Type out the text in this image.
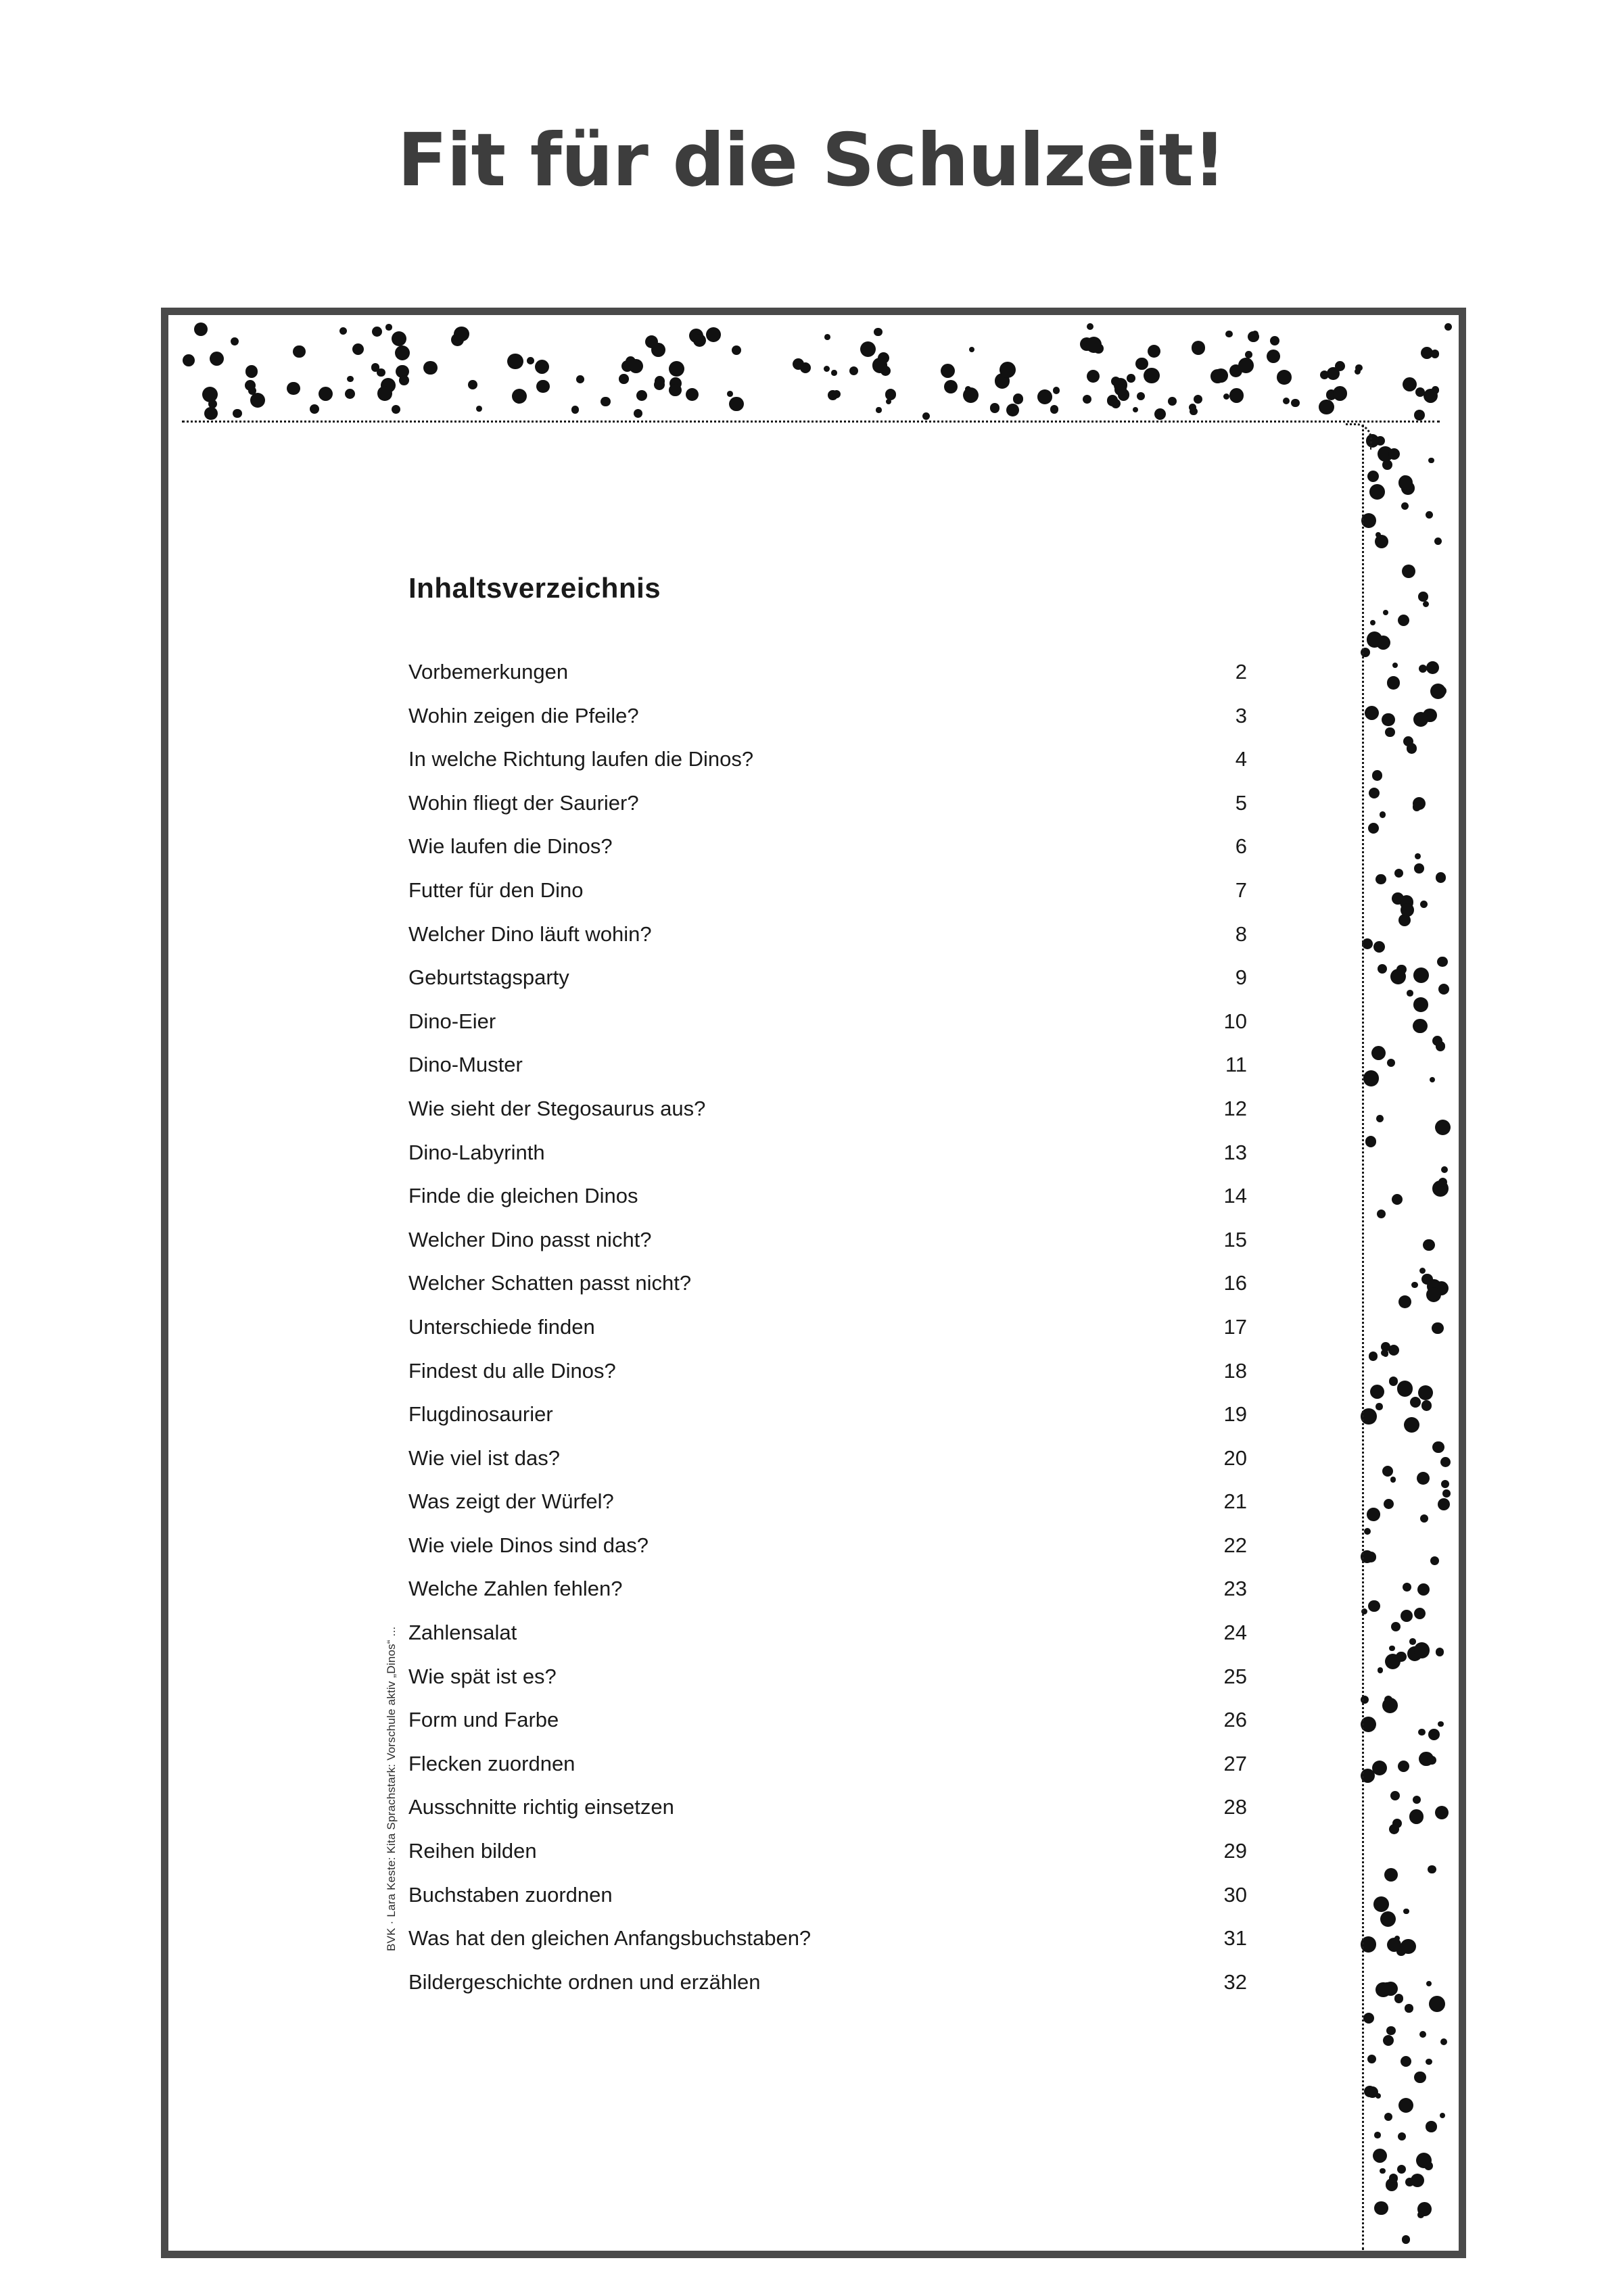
Fit für die Schulzeit!
Inhaltsverzeichnis
Vorbemerkungen	2
Wohin zeigen die Pfeile?	3
In welche Richtung laufen die Dinos?	4
Wohin fliegt der Saurier?	5
Wie laufen die Dinos?	6
Futter für den Dino	7
Welcher Dino läuft wohin?	8
Geburtstagsparty	9
Dino-Eier	10
Dino-Muster	11
Wie sieht der Stegosaurus aus?	12
Dino-Labyrinth	13
Finde die gleichen Dinos	14
Welcher Dino passt nicht?	15
Welcher Schatten passt nicht?	16
Unterschiede finden	17
Findest du alle Dinos?	18
Flugdinosaurier	19
Wie viel ist das?	20
Was zeigt der Würfel?	21
Wie viele Dinos sind das?	22
Welche Zahlen fehlen?	23
Zahlensalat	24
Wie spät ist es?	25
Form und Farbe	26
Flecken zuordnen	27
Ausschnitte richtig einsetzen	28
Reihen bilden	29
Buchstaben zuordnen	30
Was hat den gleichen Anfangsbuchstaben?	31
Bildergeschichte ordnen und erzählen	32
BVK · Lara Keste: Kita Sprachstark: Vorschule aktiv „Dinos“ ...
